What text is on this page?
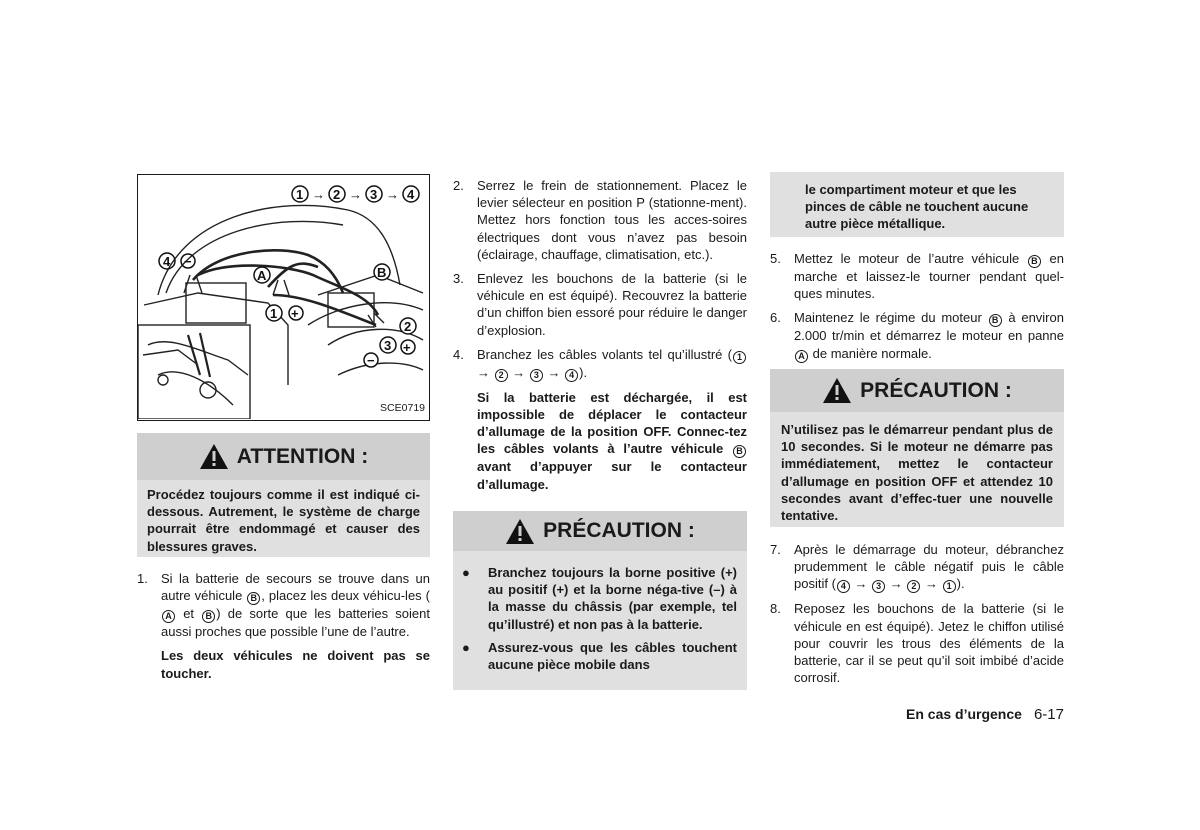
1 → 2 → 3 → 4
4 −
A	B
1 +
2
3 +
−
SCE0719
ATTENTION :
Procédez toujours comme il est indiqué ci-dessous. Autrement, le système de charge pourrait être endommagé et causer des blessures graves.
1. Si la batterie de secours se trouve dans un autre véhicule B , placez les deux véhicu-les (A et B ) de sorte que les batteries soient aussi proches que possible l’une de l’autre.
Les deux véhicules ne doivent pas se toucher.
2. Serrez le frein de stationnement. Placez le levier sélecteur en position P (stationne-ment). Mettez hors fonction tous les acces-soires électriques dont vous n’avez pas besoin (éclairage, chauffage, climatisation, etc.).
3. Enlevez les bouchons de la batterie (si le véhicule en est équipé). Recouvrez la batterie d’un chiffon bien essoré pour réduire le danger d’explosion.
4. Branchez les câbles volants tel qu’illustré ( 1 → 2 → 3 → 4 ).
Si la batterie est déchargée, il est impossible de déplacer le contacteur d’allumage de la position OFF. Connec-tez les câbles volants à l’autre véhicule B avant d’appuyer sur le contacteur d’allumage.
PRÉCAUTION :
● Branchez toujours la borne positive (+) au positif (+) et la borne néga-tive (–) à la masse du châssis (par exemple, tel qu’illustré) et non pas à la batterie.
● Assurez-vous que les câbles touchent aucune pièce mobile dans
le compartiment moteur et que les pinces de câble ne touchent aucune autre pièce métallique.
5. Mettez le moteur de l’autre véhicule B en marche et laissez-le tourner pendant quel-ques minutes.
6. Maintenez le régime du moteur B à environ 2.000 tr/min et démarrez le moteur en panne A de manière normale.
PRÉCAUTION :
N’utilisez pas le démarreur pendant plus de 10 secondes. Si le moteur ne démarre pas immédiatement, mettez le contacteur d’allumage en position OFF et attendez 10 secondes avant d’effec-tuer une nouvelle tentative.
7. Après le démarrage du moteur, débranchez prudemment le câble négatif puis le câble positif ( 4 → 3 → 2 → 1 ).
8. Reposez les bouchons de la batterie (si le véhicule en est équipé). Jetez le chiffon utilisé pour couvrir les trous des éléments de la batterie, car il se peut qu’il soit imbibé d’acide corrosif.
En cas d’urgence 6-17
